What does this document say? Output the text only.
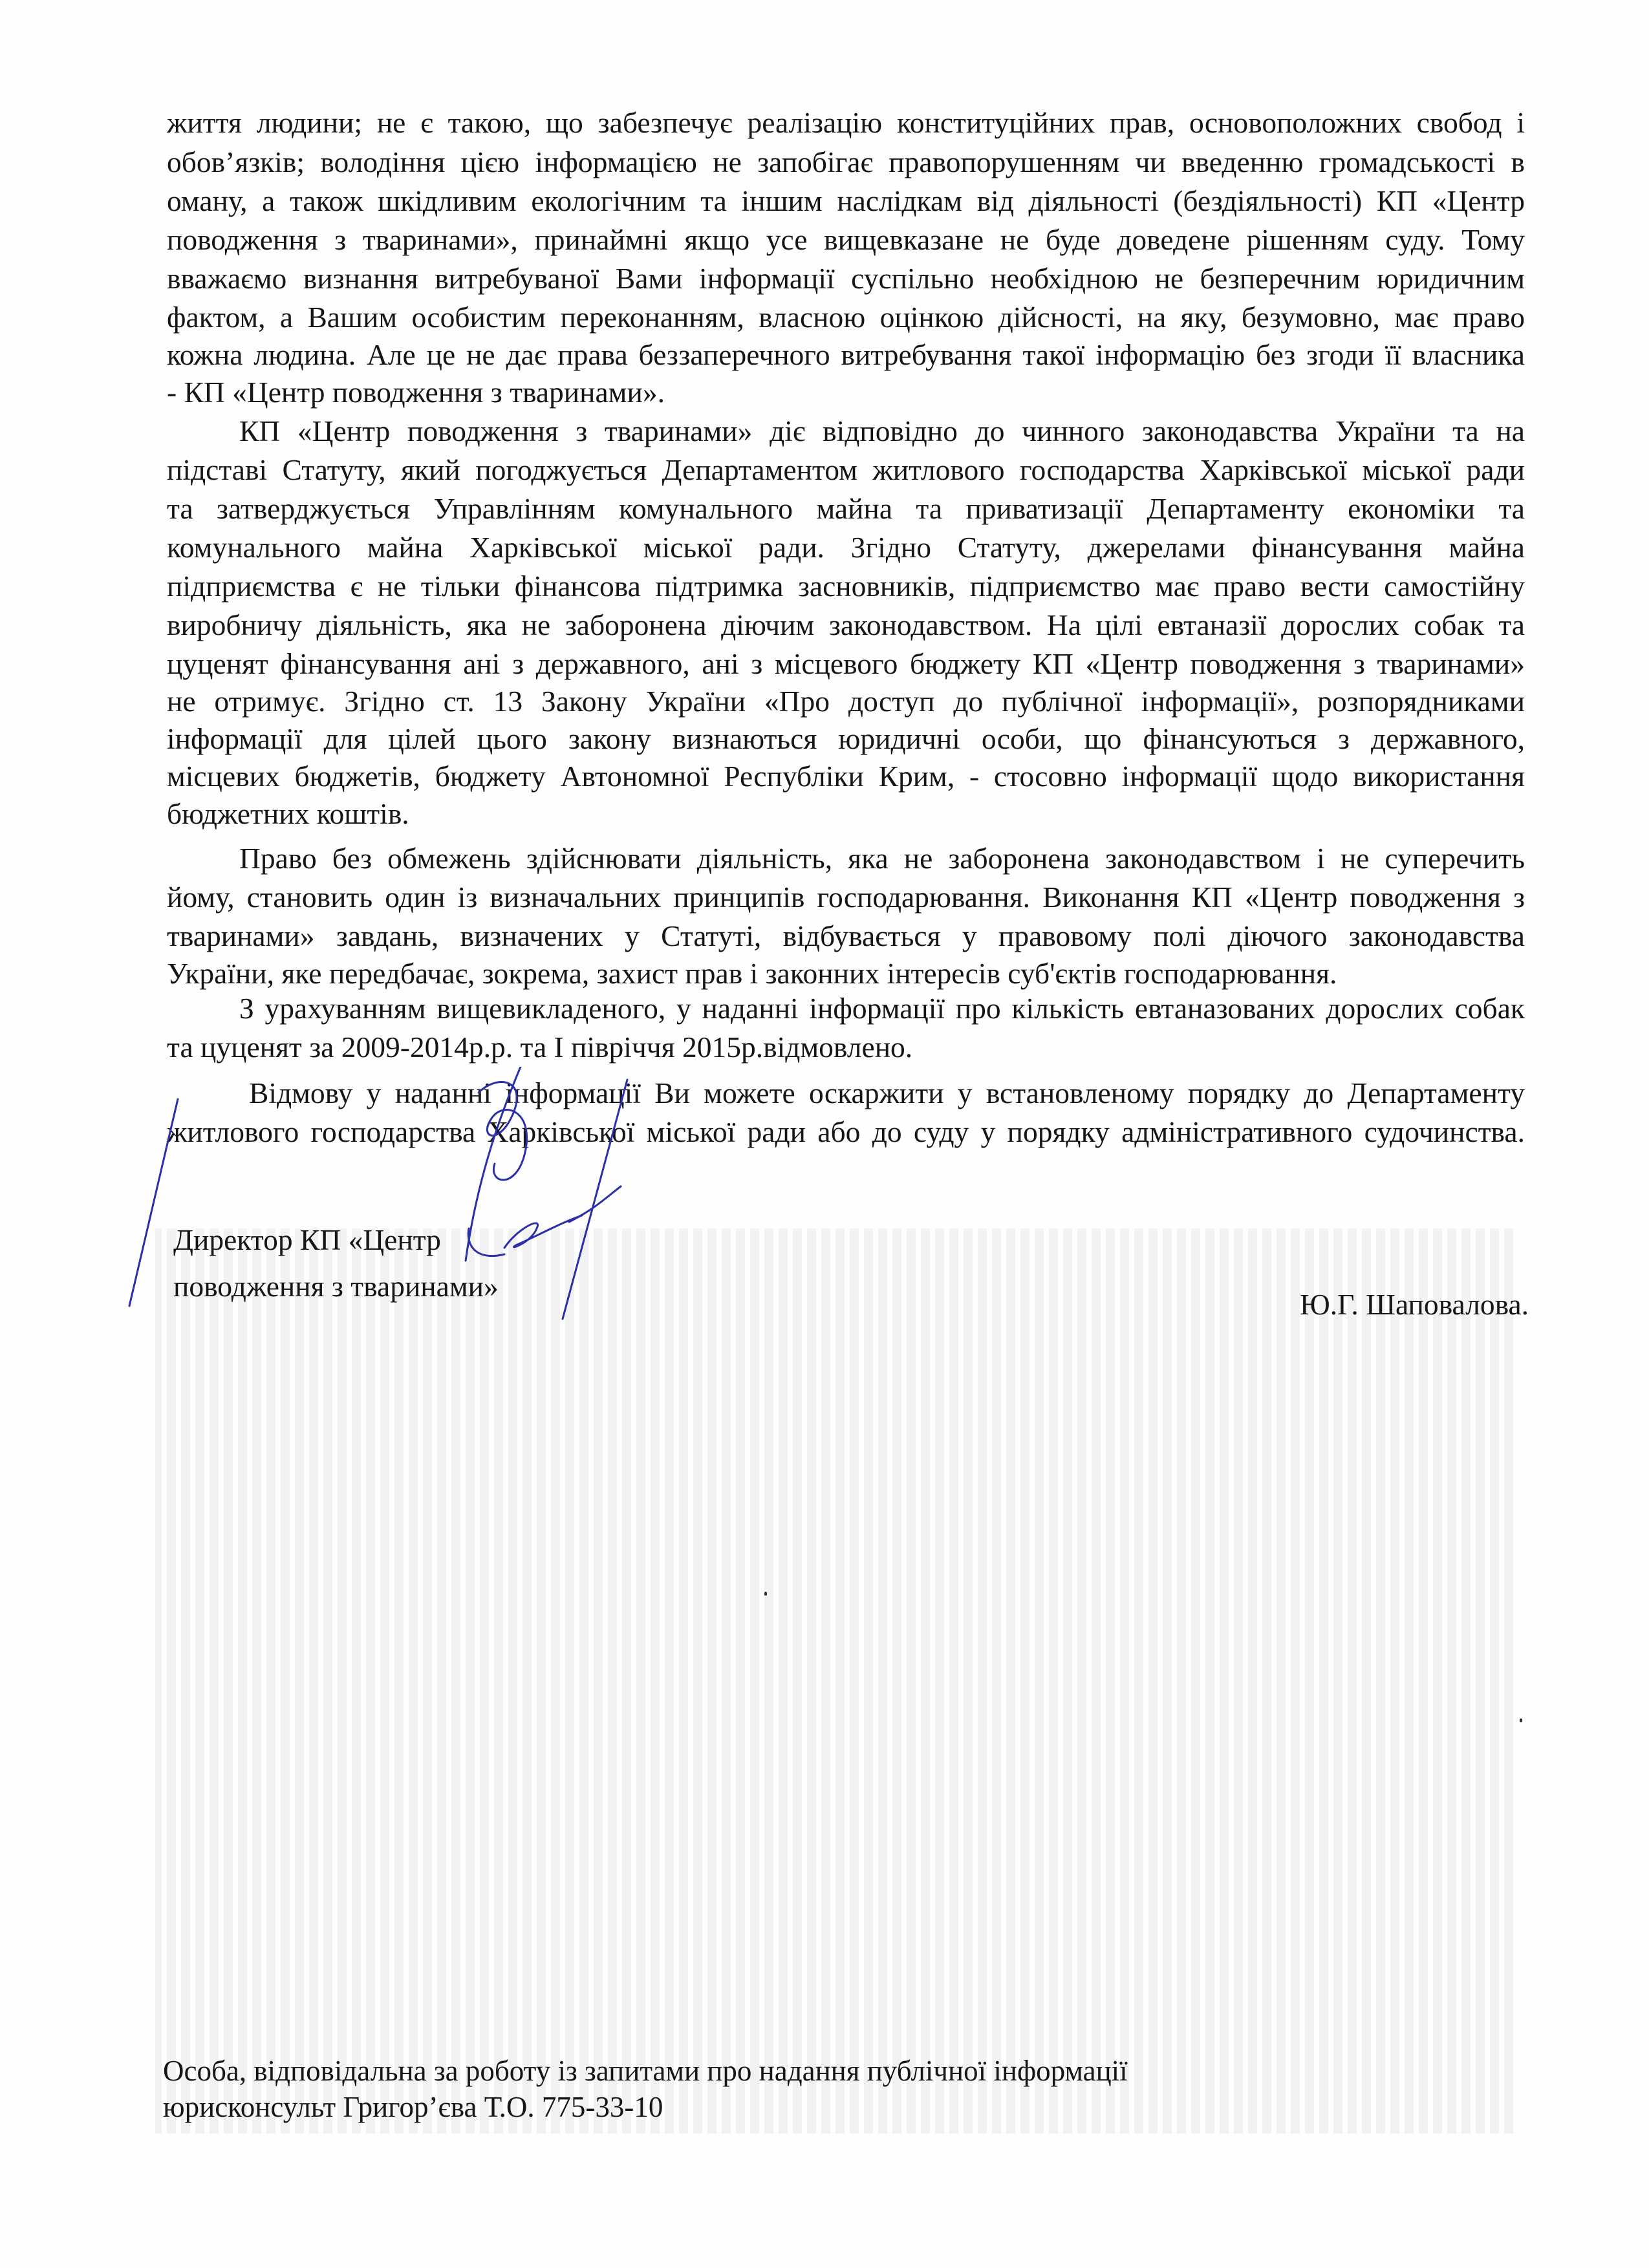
життя людини; не є такою, що забезпечує реалізацію конституційних прав, основоположних свобод і
обов’язків; володіння цією інформацією не запобігає правопорушенням чи введенню громадськості в
оману, а також шкідливим екологічним та іншим наслідкам від діяльності (бездіяльності) КП «Центр
поводження з тваринами», принаймні якщо усе вищевказане не буде доведене рішенням суду. Тому
вважаємо визнання витребуваної Вами інформації суспільно необхідною не безперечним юридичним
фактом, а Вашим особистим переконанням, власною оцінкою дійсності, на яку, безумовно, має право
кожна людина. Але це не дає права беззаперечного витребування такої інформацію без згоди її власника
- КП «Центр поводження з тваринами».
КП «Центр поводження з тваринами» діє відповідно до чинного законодавства України та на
підставі Статуту, який погоджується Департаментом житлового господарства Харківської міської ради
та затверджується Управлінням комунального майна та приватизації Департаменту економіки та
комунального майна Харківської міської ради. Згідно Статуту, джерелами фінансування майна
підприємства є не тільки фінансова підтримка засновників, підприємство має право вести самостійну
виробничу діяльність, яка не заборонена діючим законодавством. На цілі евтаназії дорослих собак та
цуценят фінансування ані з державного, ані з місцевого бюджету КП «Центр поводження з тваринами»
не отримує. Згідно ст. 13 Закону України «Про доступ до публічної інформації», розпорядниками
інформації для цілей цього закону визнаються юридичні особи, що фінансуються з державного,
місцевих бюджетів, бюджету Автономної Республіки Крим, - стосовно інформації щодо використання
бюджетних коштів.
Право без обмежень здійснювати діяльність, яка не заборонена законодавством і не суперечить
йому, становить один із визначальних принципів господарювання. Виконання КП «Центр поводження з
тваринами» завдань, визначених у Статуті, відбувається у правовому полі діючого законодавства
України, яке передбачає, зокрема, захист прав і законних інтересів суб'єктів господарювання.
З урахуванням вищевикладеного, у наданні інформації про кількість евтаназованих дорослих собак
та цуценят за 2009-2014р.р. та І півріччя 2015р.відмовлено.
Відмову у наданні інформації Ви можете оскаржити у встановленому порядку до Департаменту
житлового господарства Харківської міської ради або до суду у порядку адміністративного судочинства.
Директор КП «Центр
поводження з тваринами»
Ю.Г. Шаповалова.
Особа, відповідальна за роботу із запитами про надання публічної інформації
юрисконсульт Григор’єва Т.О. 775-33-10
